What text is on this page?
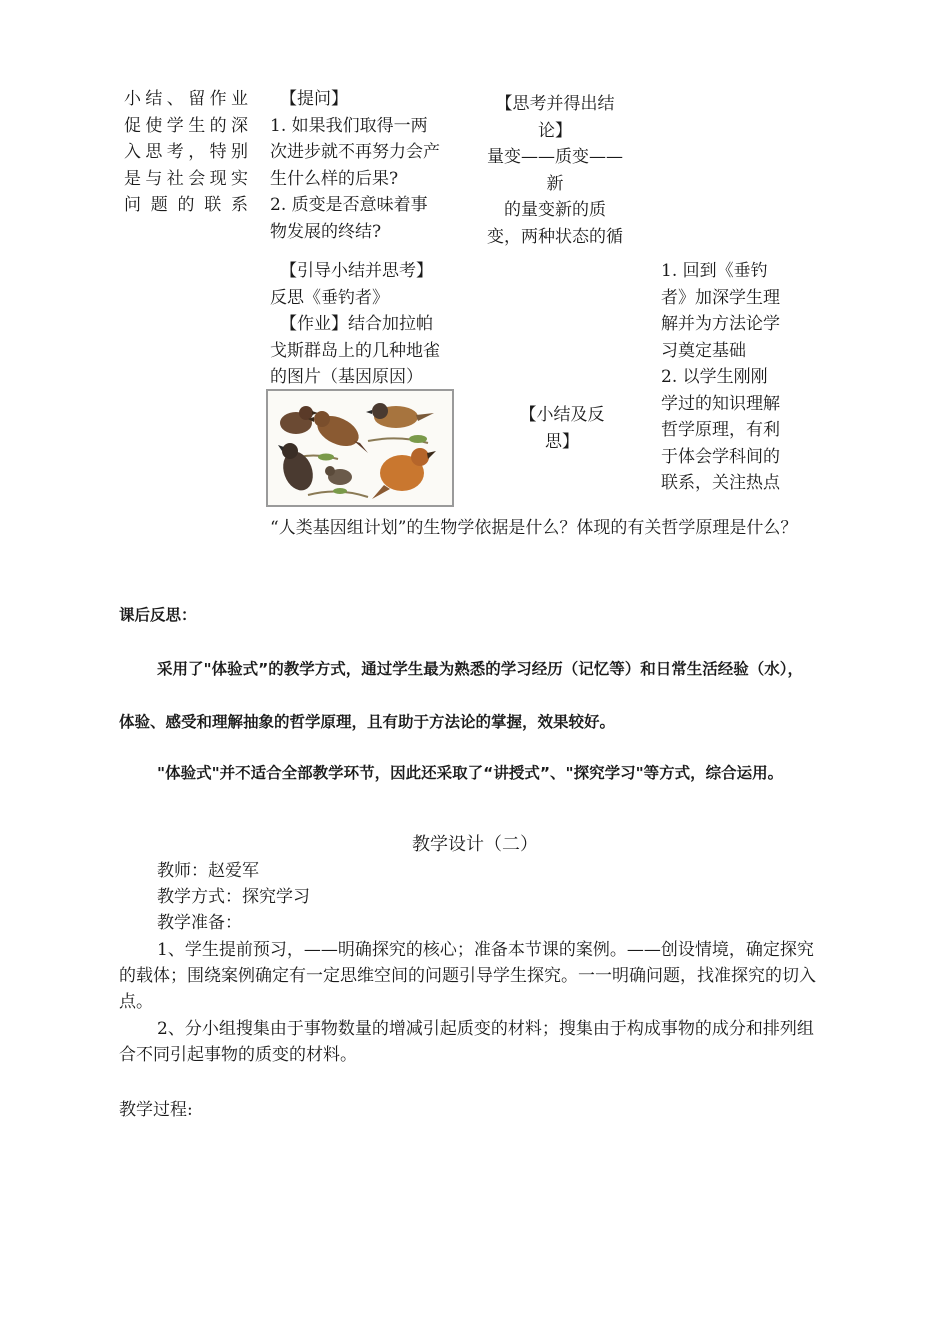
小结、留作业
促使学生的深
入思考，特别
是与社会现实
问题的联系
【提问】
1. 如果我们取得一两
次进步就不再努力会产
生什么样的后果?
2. 质变是否意味着事
物发展的终结?
【思考并得出结
论】
量变——质变——
新
的量变新的质
变，两种状态的循
【引导小结并思考】
反思《垂钓者》
【作业】结合加拉帕
戈斯群岛上的几种地雀
的图片（基因原因）
【小结及反
思】
1. 回到《垂钓
者》加深学生理
解并为方法论学
习奠定基础
2. 以学生刚刚
学过的知识理解
哲学原理，有利
于体会学科间的
联系，关注热点
“人类基因组计划”的生物学依据是什么？体现的有关哲学原理是什么？
课后反思：
采用了"体验式”的教学方式，通过学生最为熟悉的学习经历（记忆等）和日常生活经验（水），
体验、感受和理解抽象的哲学原理，且有助于方法论的掌握，效果较好。
"体验式"并不适合全部教学环节，因此还采取了“讲授式”、"探究学习"等方式，综合运用。
教学设计（二）
教师：赵爱军
教学方式：探究学习
教学准备：
1、学生提前预习，——明确探究的核心；准备本节课的案例。——创设情境，确定探究
的载体；围绕案例确定有一定思维空间的问题引导学生探究。一一明确问题，找准探究的切入
点。
2、分小组搜集由于事物数量的增减引起质变的材料；搜集由于构成事物的成分和排列组
合不同引起事物的质变的材料。
教学过程:
